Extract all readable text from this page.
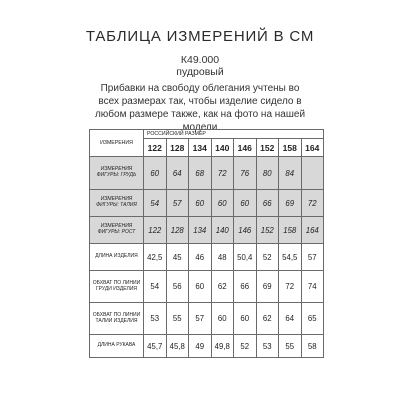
ТАБЛИЦА ИЗМЕРЕНИЙ В СМ
К49.000
пудровый
Прибавки на свободу облегания учтены во всех размерах так, чтобы изделие сидело в любом размере также, как на фото на нашей модели
ИЗМЕРЕНИЯ	РОССИЙСКИЙ РАЗМЕР							
	122	128	134	140	146	152	158	164
ИЗМЕРЕНИЯ ФИГУРЫ: ГРУДЬ	60	64	68	72	76	80	84	
ИЗМЕРЕНИЯ ФИГУРЫ: ТАЛИЯ	54	57	60	60	60	66	69	72
ИЗМЕРЕНИЯ ФИГУРЫ: РОСТ	122	128	134	140	146	152	158	164
ДЛИНА ИЗДЕЛИЯ	42,5	45	46	48	50,4	52	54,5	57
ОБХВАТ ПО ЛИНИИ ГРУДИ ИЗДЕЛИЯ	54	56	60	62	66	69	72	74
ОБХВАТ ПО ЛИНИИ ТАЛИИ ИЗДЕЛИЯ	53	55	57	60	60	62	64	65
ДЛИНА РУКАВА	45,7	45,8	49	49,8	52	53	55	58
